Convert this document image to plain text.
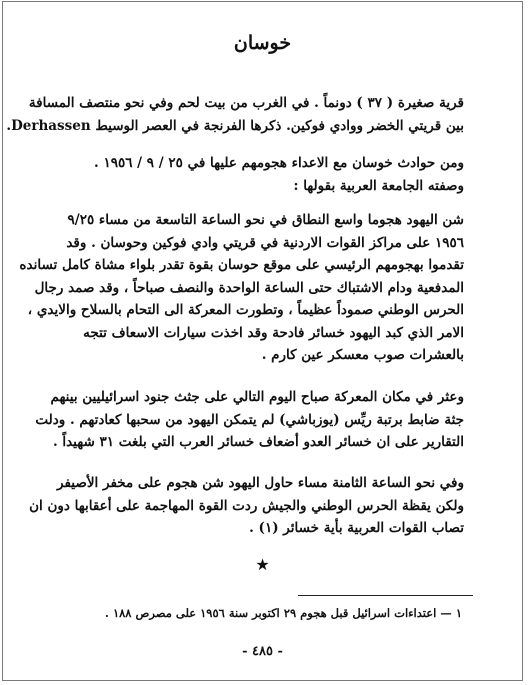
خوسان
قرية صغيرة ( ٣٧ ) دونماً . في الغرب من بيت لحم وفي نحو منتصف المسافة
بين قريتي الخضر ووادي فوكين. ذكرها الفرنجة في العصر الوسيط Derhassen.
ومن حوادث خوسان مع الاعداء هجومهم عليها في ٢٥ / ٩ / ١٩٥٦ .
وصفته الجامعة العربية بقولها :
شن اليهود هجوما واسع النطاق في نحو الساعة التاسعة من مساء ٩/٢٥
١٩٥٦ على مراكز القوات الاردنية في قريتي وادي فوكين وحوسان . وقد
تقدموا بهجومهم الرئيسي على موقع حوسان بقوة تقدر بلواء مشاة كامل تسانده
المدفعية ودام الاشتباك حتى الساعة الواحدة والنصف صباحاً ، وقد صمد رجال
الحرس الوطني صموداً عظيماً ، وتطورت المعركة الى التحام بالسلاح والايدي ،
الامر الذي كبد اليهود خسائر فادحة وقد اخذت سيارات الاسعاف تتجه
بالعشرات صوب معسكر عين كارم .
وعثر في مكان المعركة صباح اليوم التالي على جثث جنود اسرائيليين بينهم
جثة ضابط برتبة ريِّس (يوزباشي) لم يتمكن اليهود من سحبها كعادتهم . ودلت
التقارير على ان خسائر العدو أضعاف خسائر العرب التي بلغت ٣١ شهيداً .
وفي نحو الساعة الثامنة مساء حاول اليهود شن هجوم على مخفر الأصيفر
ولكن يقظة الحرس الوطني والجيش ردت القوة المهاجمة على أعقابها دون ان
تصاب القوات العربية بأية خسائر (١) .
★
١ — اعتداءات اسرائيل قبل هجوم ٢٩ اكتوبر سنة ١٩٥٦ على مصرص ١٨٨ .
- ٤٨٥ -
